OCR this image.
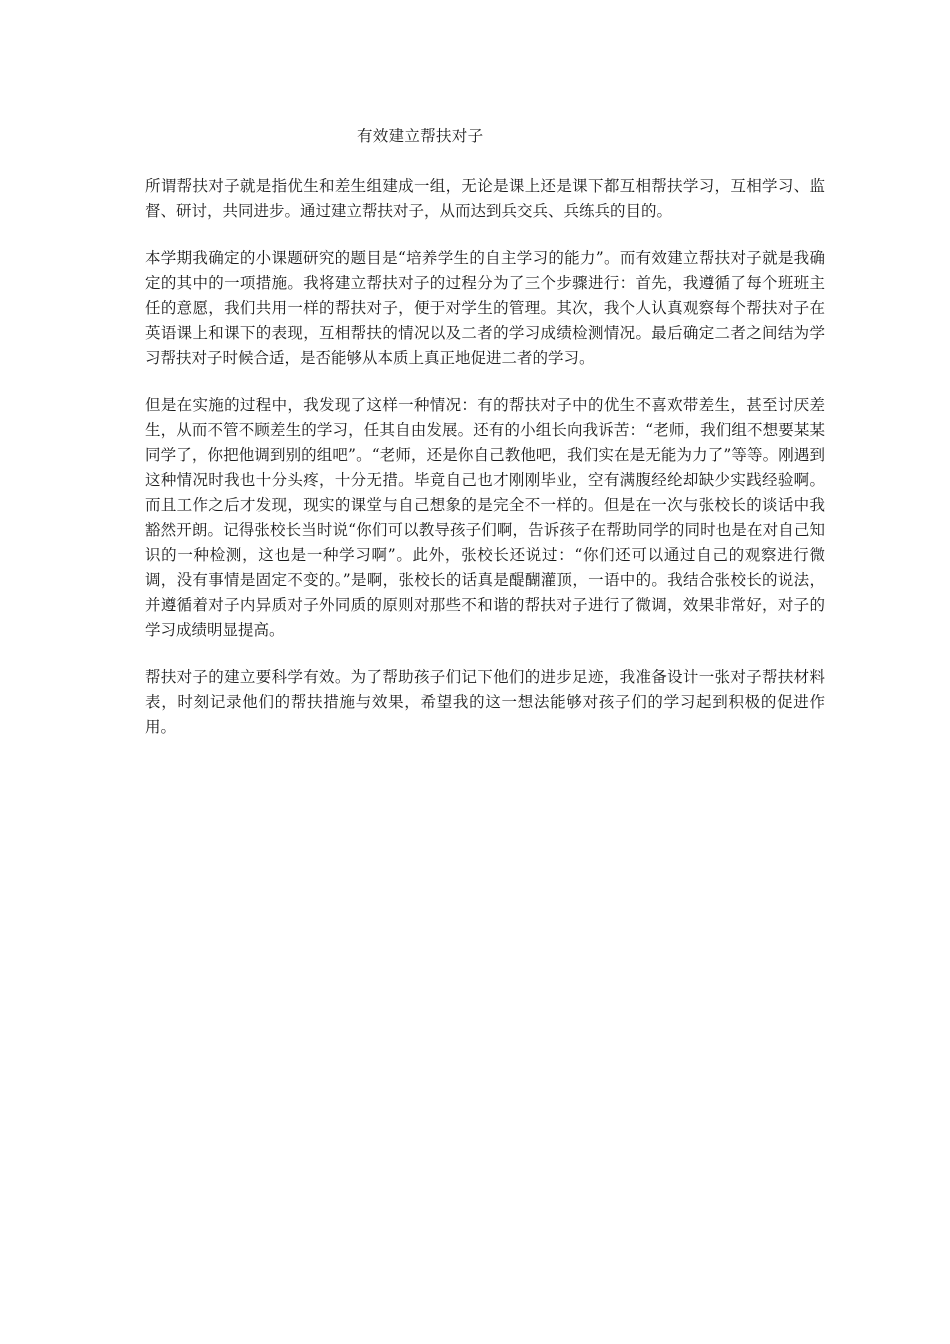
有效建立帮扶对子

所谓帮扶对子就是指优生和差生组建成一组，无论是课上还是课下都互相帮扶学习，互相学习、监督、研讨，共同进步。通过建立帮扶对子，从而达到兵交兵、兵练兵的目的。

本学期我确定的小课题研究的题目是“培养学生的自主学习的能力”。而有效建立帮扶对子就是我确定的其中的一项措施。我将建立帮扶对子的过程分为了三个步骤进行：首先，我遵循了每个班班主任的意愿，我们共用一样的帮扶对子，便于对学生的管理。其次，我个人认真观察每个帮扶对子在英语课上和课下的表现，互相帮扶的情况以及二者的学习成绩检测情况。最后确定二者之间结为学习帮扶对子时候合适，是否能够从本质上真正地促进二者的学习。

但是在实施的过程中，我发现了这样一种情况：有的帮扶对子中的优生不喜欢带差生，甚至讨厌差生，从而不管不顾差生的学习，任其自由发展。还有的小组长向我诉苦：“老师，我们组不想要某某同学了，你把他调到别的组吧”。“老师，还是你自己教他吧，我们实在是无能为力了”等等。刚遇到这种情况时我也十分头疼，十分无措。毕竟自己也才刚刚毕业，空有满腹经纶却缺少实践经验啊。而且工作之后才发现，现实的课堂与自己想象的是完全不一样的。但是在一次与张校长的谈话中我豁然开朗。记得张校长当时说“你们可以教导孩子们啊，告诉孩子在帮助同学的同时也是在对自己知识的一种检测，这也是一种学习啊”。此外，张校长还说过：“你们还可以通过自己的观察进行微调，没有事情是固定不变的。”是啊，张校长的话真是醍醐灌顶，一语中的。我结合张校长的说法，并遵循着对子内异质对子外同质的原则对那些不和谐的帮扶对子进行了微调，效果非常好，对子的学习成绩明显提高。

帮扶对子的建立要科学有效。为了帮助孩子们记下他们的进步足迹，我准备设计一张对子帮扶材料表，时刻记录他们的帮扶措施与效果，希望我的这一想法能够对孩子们的学习起到积极的促进作用。
